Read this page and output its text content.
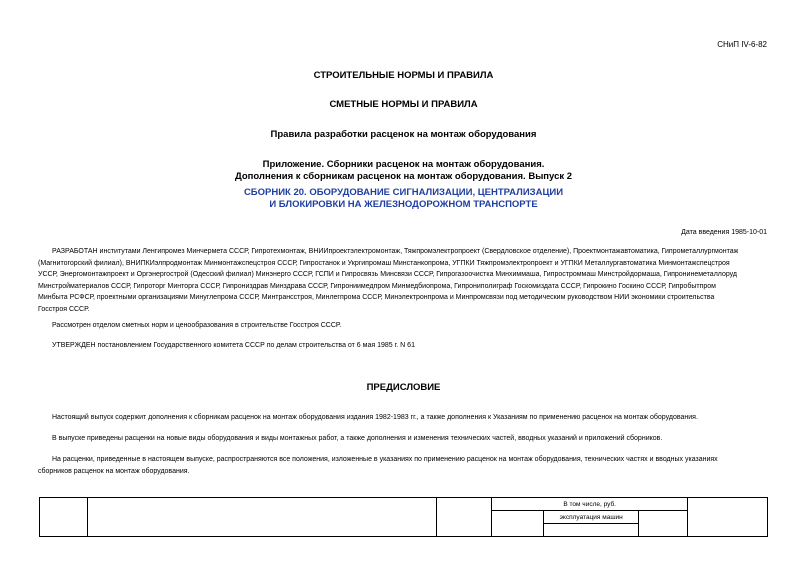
СНиП IV-6-82
СТРОИТЕЛЬНЫЕ НОРМЫ И ПРАВИЛА
СМЕТНЫЕ НОРМЫ И ПРАВИЛА
Правила разработки расценок на монтаж оборудования
Приложение. Сборники расценок на монтаж оборудования.
Дополнения к сборникам расценок на монтаж оборудования. Выпуск 2
СБОРНИК 20. ОБОРУДОВАНИЕ СИГНАЛИЗАЦИИ, ЦЕНТРАЛИЗАЦИИ
И БЛОКИРОВКИ НА ЖЕЛЕЗНОДОРОЖНОМ ТРАНСПОРТЕ
Дата введения 1985-10-01
РАЗРАБОТАН институтами Ленгипромез Минчермета СССР, Гипротехмонтаж, ВНИИпроектэлектромонтаж, Тяжпромэлектропроект (Свердловское отделение), Проектмонтажавтоматика, Гипрометаллургмонтаж
(Магнитогорский филиал), ВНИПКИэлпродмонтаж Минмонтажспецстроя СССР, Гипростанок и Укргипромаш Минстанкопрома, УГПКИ Тяжпромэлектропроект и УГПКИ Металлургавтоматика Минмонтажспецстроя
УССР, Энергомонтажпроект и Оргэнергострой (Одесский филиал) Минэнерго СССР, ГСПИ и Гипросвязь Минсвязи СССР, Гипрогазоочистка Минхиммаша, Гипростроммаш Минстройдормаша, Гипронинеметаллоруд
Минстройматериалов СССР, Гипроторг Минторга СССР, Гипрониздрав Минздрава СССР, Гипрониимедпром Минмедбиопрома, Гипрониполиграф Госкомиздата СССР, Гипрокино Госкино СССР, Гипробытпром
Минбыта РСФСР, проектными организациями Минуглепрома СССР, Минтрансстроя, Минлегпрома СССР, Минэлектронпрома и Минпромсвязи под методическим руководством НИИ экономики строительства
Госстроя СССР.
Рассмотрен отделом сметных норм и ценообразования в строительстве Госстроя СССР.
УТВЕРЖДЕН постановлением Государственного комитета СССР по делам строительства от 6 мая 1985 г. N 61
ПРЕДИСЛОВИЕ
Настоящий выпуск содержит дополнения к сборникам расценок на монтаж оборудования издания 1982-1983 гг., а также дополнения к Указаниям по применению расценок на монтаж оборудования.
В выпуске приведены расценки на новые виды оборудования и виды монтажных работ, а также дополнения и изменения технических частей, вводных указаний и приложений сборников.
На расценки, приведенные в настоящем выпуске, распространяются все положения, изложенные в указаниях по применению расценок на монтаж оборудования, технических частях и вводных указаниях
сборников расценок на монтаж оборудования.
			В том числе, руб.			
				эксплуатация машин		
